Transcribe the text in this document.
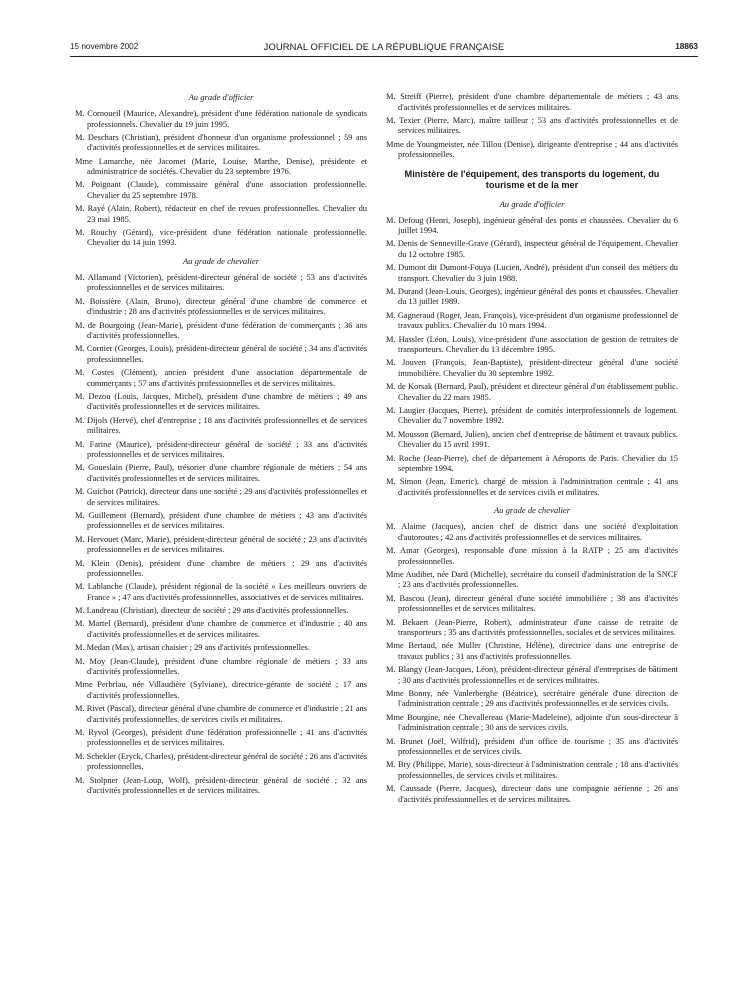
15 novembre 2002	JOURNAL OFFICIEL DE LA RÉPUBLIQUE FRANÇAISE	18863
Au grade d'officier

M. Cornoueil (Maurice, Alexandre), président d'une fédération nationale de syndicats professionnels. Chevalier du 19 juin 1995.

M. Deschars (Christian), président d'honneur d'un organisme professionnel ; 59 ans d'activités professionnelles et de services militaires.

Mme Lamarche, née Jacomet (Marie, Louise, Marthe, Denise), présidente et administratrice de sociétés. Chevalier du 23 septembre 1976.

M. Poignant (Claude), commissaire général d'une association professionnelle. Chevalier du 25 septembre 1978.

M. Rayé (Alain, Robert), rédacteur en chef de revues professionnelles. Chevalier du 23 mai 1985.

M. Rouchy (Gérard), vice-président d'une fédération nationale professionnelle. Chevalier du 14 juin 1993.

Au grade de chevalier

M. Allamand (Victorien), président-directeur général de société ; 53 ans d'activités professionnelles et de services militaires.

M. Boissière (Alain, Bruno), directeur général d'une chambre de commerce et d'industrie ; 28 ans d'activités professionnelles et de services militaires.

M. de Bourgoing (Jean-Marie), président d'une fédération de commerçants ; 36 ans d'activités professionnelles.

M. Cornier (Georges, Louis), président-directeur général de société ; 34 ans d'activités professionnelles.

M. Costes (Clément), ancien président d'une association départementale de commerçants ; 57 ans d'activités professionnelles et de services militaires.

M. Dezou (Louis, Jacques, Michel), président d'une chambre de métiers ; 49 ans d'activités professionnelles et de services militaires.

M. Dijols (Hervé), chef d'entreprise ; 18 ans d'activités professionnelles et de services militaires.

M. Farine (Maurice), président-directeur général de société ; 33 ans d'activités professionnelles et de services militaires.

M. Goueslain (Pierre, Paul), trésorier d'une chambre régionale de métiers ; 54 ans d'activités professionnelles et de services militaires.

M. Guichot (Patrick), directeur dans une société ; 29 ans d'activités professionnelles et de services militaires.

M. Guillement (Bernard), président d'une chambre de métiers ; 43 ans d'activités professionnelles et de services militaires.

M. Hervouet (Marc, Marie), président-directeur général de société ; 23 ans d'activités professionnelles et de services militaires.

M. Klein (Denis), président d'une chambre de métiers ; 29 ans d'activités professionnelles.

M. Lablanche (Claude), président régional de la société « Les meilleurs ouvriers de France » ; 47 ans d'activités professionnelles, associatives et de services militaires.

M. Landreau (Christian), directeur de société ; 29 ans d'activités professionnelles.

M. Martel (Bernard), président d'une chambre de commerce et d'industrie ; 40 ans d'activités professionnelles et de services militaires.

M. Medan (Max), artisan chaisier ; 29 ans d'activités professionnelles.

M. Moy (Jean-Claude), président d'une chambre régionale de métiers ; 33 ans d'activités professionnelles.

Mme Perbriau, née Villaudière (Sylviane), directrice-gérante de société ; 17 ans d'activités professionnelles.

M. Rivet (Pascal), directeur général d'une chambre de commerce et d'industrie ; 21 ans d'activités professionnelles, de services civils et militaires.

M. Ryvol (Georges), président d'une fédération professionnelle ; 41 ans d'activités professionnelles et de services militaires.

M. Schekler (Eryck, Charles), président-directeur général de société ; 26 ans d'activités professionnelles.

M. Stolpner (Jean-Loup, Wolf), président-directeur général de société ; 32 ans d'activités professionnelles et de services militaires.

M. Streiff (Pierre), président d'une chambre départementale de métiers ; 43 ans d'activités professionnelles et de services militaires.

M. Texier (Pierre, Marc), maître tailleur ; 53 ans d'activités professionnelles et de services militaires.

Mme de Youngmeister, née Tillou (Denise), dirigeante d'entreprise ; 44 ans d'activités professionnelles.

Ministère de l'équipement, des transports du logement, du tourisme et de la mer
Au grade d'officier

M. Defoug (Henri, Joseph), ingénieur général des ponts et chaussées. Chevalier du 6 juillet 1994.

M. Denis de Senneville-Grave (Gérard), inspecteur général de l'équipement. Chevalier du 12 octobre 1985.

M. Dumont dit Dumont-Fouya (Lucien, André), président d'un conseil des métiers du transport. Chevalier du 3 juin 1988.

M. Durand (Jean-Louis, Georges), ingénieur général des ponts et chaussées. Chevalier du 13 juillet 1989.

M. Gagneraud (Roger, Jean, François), vice-président d'un organisme professionnel de travaux publics. Chevalier du 10 mars 1994.

M. Hassler (Léon, Louis), vice-président d'une association de gestion de retraites de transporteurs. Chevalier du 13 décembre 1995.

M. Jouven (François, Jean-Baptiste), président-directeur général d'une société immobilière. Chevalier du 30 septembre 1992.

M. de Korsak (Bernard, Paul), président et directeur général d'un établissement public. Chevalier du 22 mars 1985.

M. Laugier (Jacques, Pierre), président de comités interprofessionnels de logement. Chevalier du 7 novembre 1992.

M. Mousson (Bernard, Julien), ancien chef d'entreprise de bâtiment et travaux publics. Chevalier du 15 avril 1991.

M. Roche (Jean-Pierre), chef de département à Aéroports de Paris. Chevalier du 15 septembre 1994.

M. Simon (Jean, Emeric), chargé de mission à l'administration centrale ; 41 ans d'activités professionnelles et de services civils et militaires.

Au grade de chevalier

M. Alaime (Jacques), ancien chef de district dans une société d'exploitation d'autoroutes ; 42 ans d'activités professionnelles et de services militaires.

M. Amar (Georges), responsable d'une mission à la RATP ; 25 ans d'activités professionnelles.

Mme Audibet, née Dard (Michelle), secrétaire du conseil d'administration de la SNCF ; 23 ans d'activités professionnelles.

M. Bascou (Jean), directeur général d'une société immobilière ; 38 ans d'activités professionnelles et de services militaires.

M. Bekaert (Jean-Pierre, Robert), administrateur d'une caisse de retraite de transporteurs ; 35 ans d'activités professionnelles, sociales et de services militaires.

Mme Bertaud, née Muller (Christine, Hélène), directrice dans une entreprise de travaux publics ; 31 ans d'activités professionnelles.

M. Blangy (Jean-Jacques, Léon), président-directeur général d'entreprises de bâtiment ; 30 ans d'activités professionnelles et de services militaires.

Mme Bonny, née Vanlerberghe (Béatrice), secrétaire générale d'une direction de l'administration centrale ; 29 ans d'activités professionnelles et de services civils.

Mme Bourgine, née Chevallereau (Marie-Madeleine), adjointe d'un sous-directeur à l'administration centrale ; 30 ans de services civils.

M. Brunet (Joël, Wilfrid), président d'un office de tourisme ; 35 ans d'activités professionnelles et de services civils.

M. Bry (Philippe, Marie), sous-directeur à l'administration centrale ; 18 ans d'activités professionnelles, de services civils et militaires.

M. Caussade (Pierre, Jacques), directeur dans une compagnie aérienne ; 26 ans d'activités professionnelles et de services militaires.
